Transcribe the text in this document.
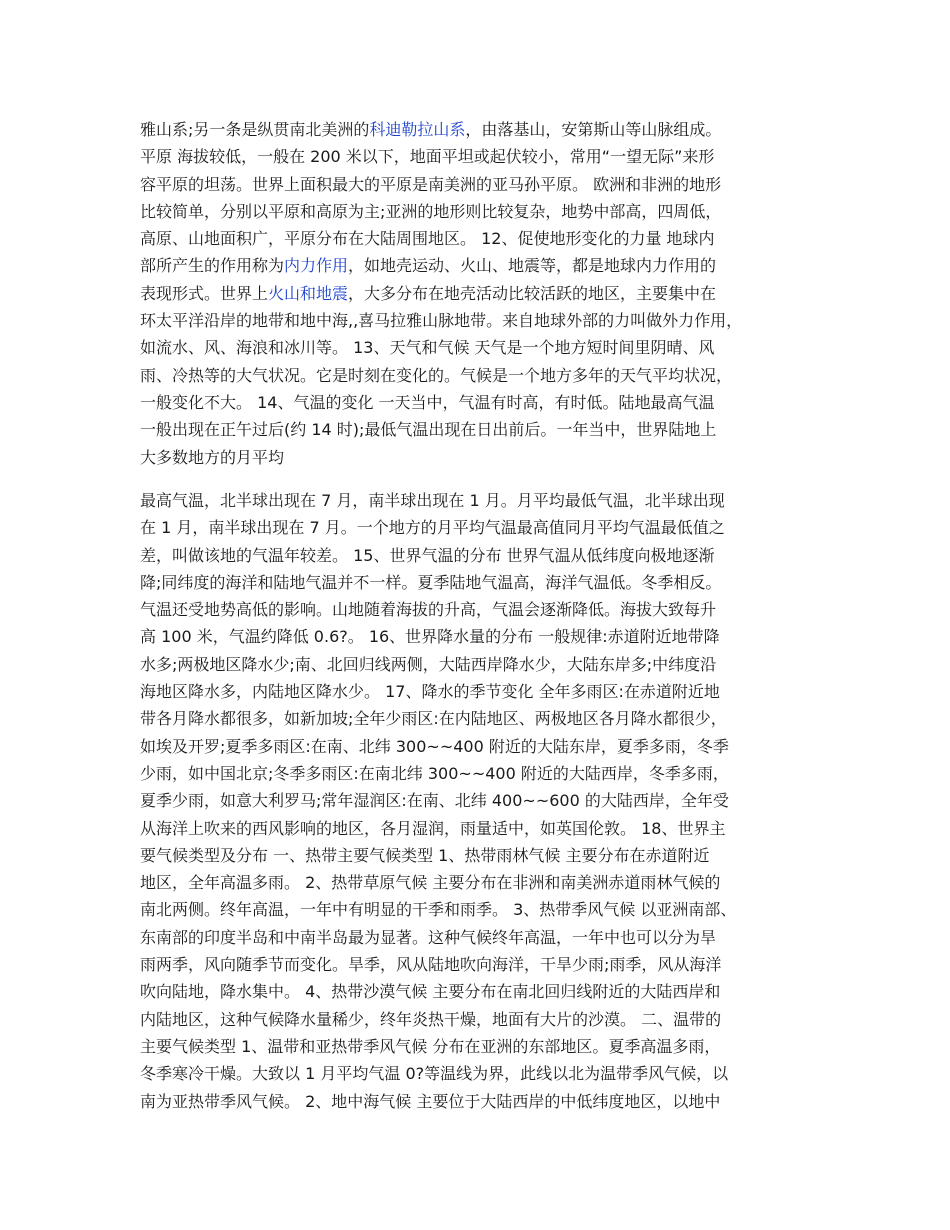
雅山系;另一条是纵贯南北美洲的科迪勒拉山系，由落基山，安第斯山等山脉组成。
平原 海拔较低，一般在 200 米以下，地面平坦或起伏较小，常用“一望无际”来形
容平原的坦荡。世界上面积最大的平原是南美洲的亚马孙平原。 欧洲和非洲的地形
比较简单，分别以平原和高原为主;亚洲的地形则比较复杂，地势中部高，四周低，
高原、山地面积广，平原分布在大陆周围地区。 12、促使地形变化的力量 地球内
部所产生的作用称为内力作用，如地壳运动、火山、地震等，都是地球内力作用的
表现形式。世界上火山和地震，大多分布在地壳活动比较活跃的地区，主要集中在
环太平洋沿岸的地带和地中海,,喜马拉雅山脉地带。来自地球外部的力叫做外力作用，
如流水、风、海浪和冰川等。 13、天气和气候 天气是一个地方短时间里阴晴、风
雨、冷热等的大气状况。它是时刻在变化的。气候是一个地方多年的天气平均状况，
一般变化不大。 14、气温的变化 一天当中，气温有时高，有时低。陆地最高气温
一般出现在正午过后(约 14 时);最低气温出现在日出前后。一年当中，世界陆地上
大多数地方的月平均
最高气温，北半球出现在 7 月，南半球出现在 1 月。月平均最低气温，北半球出现
在 1 月，南半球出现在 7 月。一个地方的月平均气温最高值同月平均气温最低值之
差，叫做该地的气温年较差。 15、世界气温的分布 世界气温从低纬度向极地逐渐
降;同纬度的海洋和陆地气温并不一样。夏季陆地气温高，海洋气温低。冬季相反。
气温还受地势高低的影响。山地随着海拔的升高，气温会逐渐降低。海拔大致每升
高 100 米，气温约降低 0.6?。 16、世界降水量的分布 一般规律:赤道附近地带降
水多;两极地区降水少;南、北回归线两侧，大陆西岸降水少，大陆东岸多;中纬度沿
海地区降水多，内陆地区降水少。 17、降水的季节变化 全年多雨区:在赤道附近地
带各月降水都很多，如新加坡;全年少雨区:在内陆地区、两极地区各月降水都很少，
如埃及开罗;夏季多雨区:在南、北纬 300~~400 附近的大陆东岸，夏季多雨，冬季
少雨，如中国北京;冬季多雨区:在南北纬 300~~400 附近的大陆西岸，冬季多雨，
夏季少雨，如意大利罗马;常年湿润区:在南、北纬 400~~600 的大陆西岸，全年受
从海洋上吹来的西风影响的地区，各月湿润，雨量适中，如英国伦敦。 18、世界主
要气候类型及分布 一、热带主要气候类型 1、热带雨林气候 主要分布在赤道附近
地区，全年高温多雨。 2、热带草原气候 主要分布在非洲和南美洲赤道雨林气候的
南北两侧。终年高温，一年中有明显的干季和雨季。 3、热带季风气候 以亚洲南部、
东南部的印度半岛和中南半岛最为显著。这种气候终年高温，一年中也可以分为旱
雨两季，风向随季节而变化。旱季，风从陆地吹向海洋，干旱少雨;雨季，风从海洋
吹向陆地，降水集中。 4、热带沙漠气候 主要分布在南北回归线附近的大陆西岸和
内陆地区，这种气候降水量稀少，终年炎热干燥，地面有大片的沙漠。 二、温带的
主要气候类型 1、温带和亚热带季风气候 分布在亚洲的东部地区。夏季高温多雨，
冬季寒冷干燥。大致以 1 月平均气温 0?等温线为界，此线以北为温带季风气候，以
南为亚热带季风气候。 2、地中海气候 主要位于大陆西岸的中低纬度地区，以地中
